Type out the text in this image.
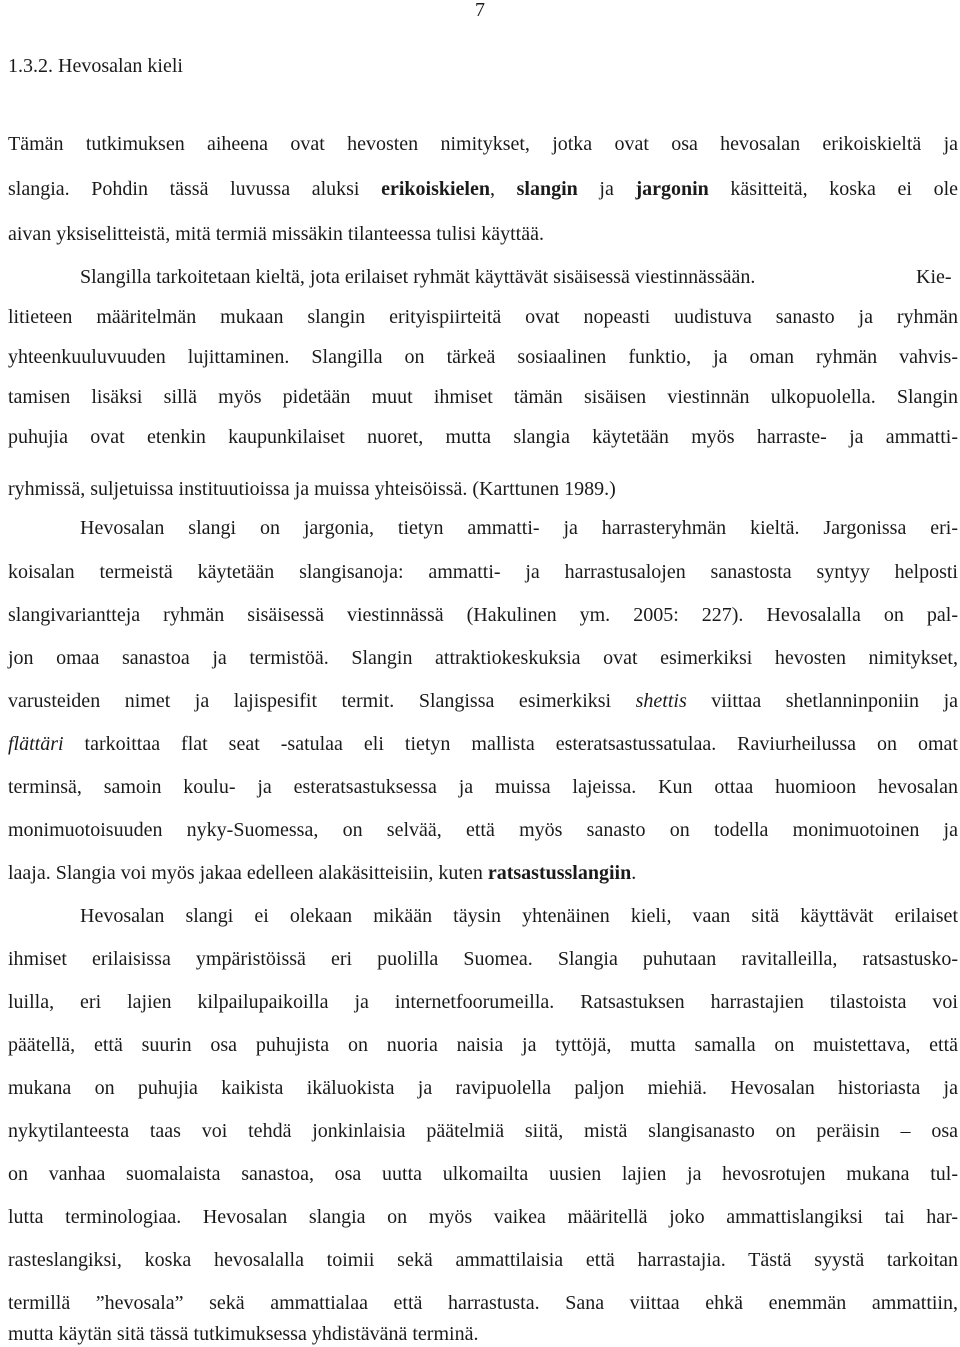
7
1.3.2. Hevosalan kieli
Tämän tutkimuksen aiheena ovat hevosten nimitykset, jotka ovat osa hevosalan erikoiskieltä ja
slangia. Pohdin tässä luvussa aluksi erikoiskielen, slangin ja jargonin käsitteitä, koska ei ole
aivan yksiselitteistä, mitä termiä missäkin tilanteessa tulisi käyttää.
Slangilla tarkoitetaan kieltä, jota erilaiset ryhmät käyttävät sisäisessä viestinnässään.	Kie-
litieteen määritelmän mukaan slangin erityispiirteitä ovat nopeasti uudistuva sanasto ja ryhmän
yhteenkuuluvuuden lujittaminen. Slangilla on tärkeä sosiaalinen funktio, ja oman ryhmän vahvis-
tamisen lisäksi sillä myös pidetään muut ihmiset tämän sisäisen viestinnän ulkopuolella. Slangin
puhujia ovat etenkin kaupunkilaiset nuoret, mutta slangia käytetään myös harraste- ja ammatti-
ryhmissä, suljetuissa instituutioissa ja muissa yhteisöissä. (Karttunen 1989.)
Hevosalan slangi on jargonia, tietyn ammatti- ja harrasteryhmän kieltä. Jargonissa eri-
koisalan termeistä käytetään slangisanoja: ammatti- ja harrastusalojen sanastosta syntyy helposti
slangivariantteja ryhmän sisäisessä viestinnässä (Hakulinen ym. 2005: 227). Hevosalalla on pal-
jon omaa sanastoa ja termistöä. Slangin attraktiokeskuksia ovat esimerkiksi hevosten nimitykset,
varusteiden nimet ja lajispesifit termit. Slangissa esimerkiksi shettis viittaa shetlanninponiin ja
flättäri tarkoittaa flat seat -satulaa eli tietyn mallista esteratsastussatulaa. Raviurheilussa on omat
terminsä, samoin koulu- ja esteratsastuksessa ja muissa lajeissa. Kun ottaa huomioon hevosalan
monimuotoisuuden nyky-Suomessa, on selvää, että myös sanasto on todella monimuotoinen ja
laaja. Slangia voi myös jakaa edelleen alakäsitteisiin, kuten ratsastusslangiin.
Hevosalan slangi ei olekaan mikään täysin yhtenäinen kieli, vaan sitä käyttävät erilaiset
ihmiset erilaisissa ympäristöissä eri puolilla Suomea. Slangia puhutaan ravitalleilla, ratsastusko-
luilla, eri lajien kilpailupaikoilla ja internetfoorumeilla. Ratsastuksen harrastajien tilastoista voi
päätellä, että suurin osa puhujista on nuoria naisia ja tyttöjä, mutta samalla on muistettava, että
mukana on puhujia kaikista ikäluokista ja ravipuolella paljon miehiä. Hevosalan historiasta ja
nykytilanteesta taas voi tehdä jonkinlaisia päätelmiä siitä, mistä slangisanasto on peräisin – osa
on vanhaa suomalaista sanastoa, osa uutta ulkomailta uusien lajien ja hevosrotujen mukana tul-
lutta terminologiaa. Hevosalan slangia on myös vaikea määritellä joko ammattislangiksi tai har-
rasteslangiksi, koska hevosalalla toimii sekä ammattilaisia että harrastajia. Tästä syystä tarkoitan
termillä ”hevosala” sekä ammattialaa että harrastusta. Sana viittaa ehkä enemmän ammattiin,
mutta käytän sitä tässä tutkimuksessa yhdistävänä terminä.
